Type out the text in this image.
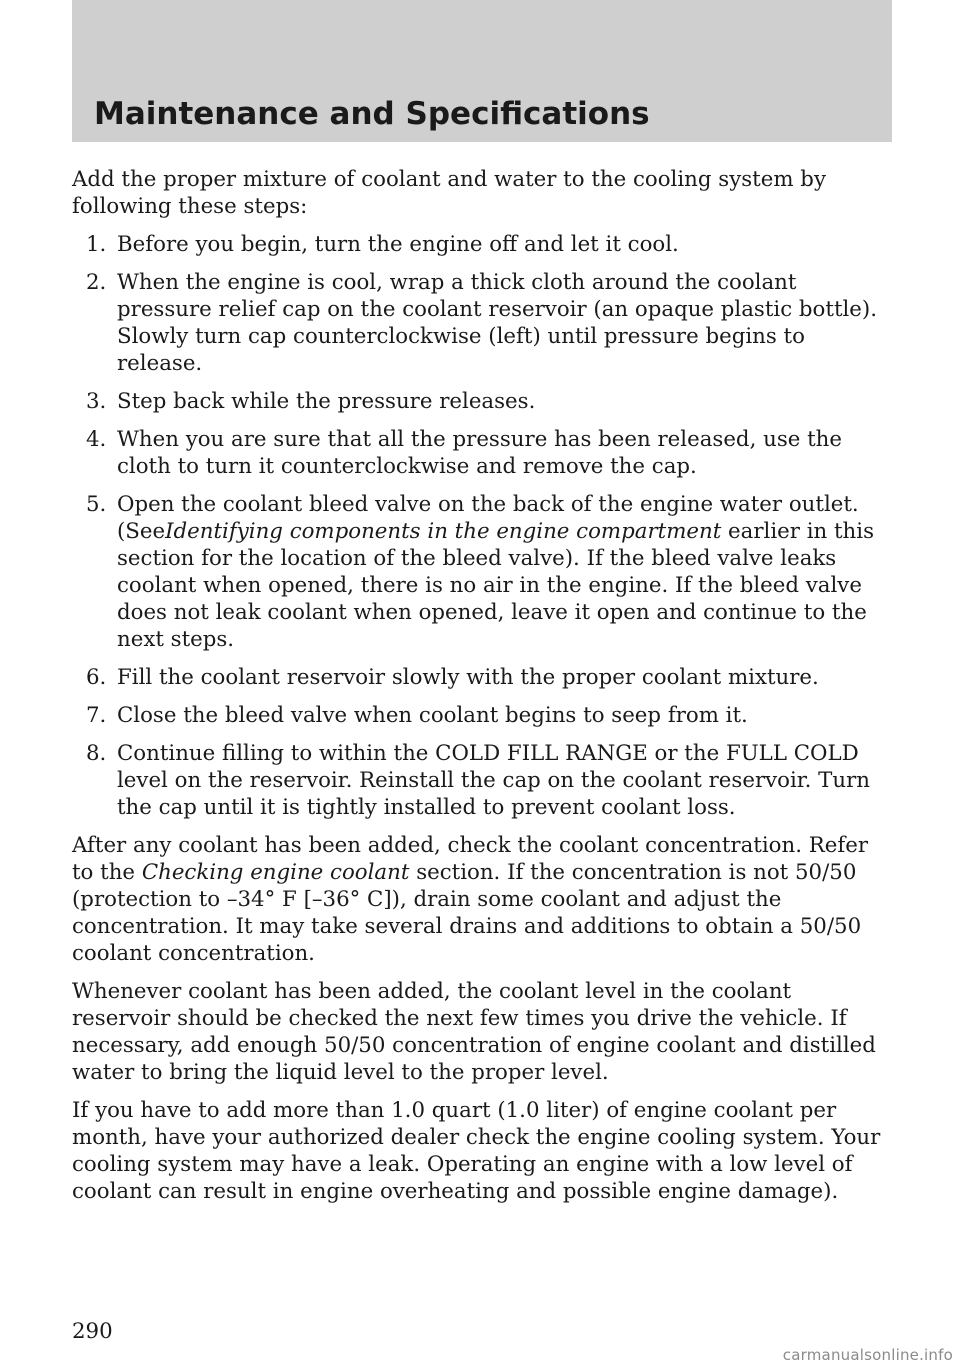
Maintenance and Specifications

Add the proper mixture of coolant and water to the cooling system by following these steps:

1. Before you begin, turn the engine off and let it cool.
2. When the engine is cool, wrap a thick cloth around the coolant pressure relief cap on the coolant reservoir (an opaque plastic bottle). Slowly turn cap counterclockwise (left) until pressure begins to release.
3. Step back while the pressure releases.
4. When you are sure that all the pressure has been released, use the cloth to turn it counterclockwise and remove the cap.
5. Open the coolant bleed valve on the back of the engine water outlet. (SeeIdentifying components in the engine compartment earlier in this section for the location of the bleed valve). If the bleed valve leaks coolant when opened, there is no air in the engine. If the bleed valve does not leak coolant when opened, leave it open and continue to the next steps.
6. Fill the coolant reservoir slowly with the proper coolant mixture.
7. Close the bleed valve when coolant begins to seep from it.
8. Continue filling to within the COLD FILL RANGE or the FULL COLD level on the reservoir. Reinstall the cap on the coolant reservoir. Turn the cap until it is tightly installed to prevent coolant loss.

After any coolant has been added, check the coolant concentration. Refer to the Checking engine coolant section. If the concentration is not 50/50 (protection to –34° F [–36° C]), drain some coolant and adjust the concentration. It may take several drains and additions to obtain a 50/50 coolant concentration.

Whenever coolant has been added, the coolant level in the coolant reservoir should be checked the next few times you drive the vehicle. If necessary, add enough 50/50 concentration of engine coolant and distilled water to bring the liquid level to the proper level.

If you have to add more than 1.0 quart (1.0 liter) of engine coolant per month, have your authorized dealer check the engine cooling system. Your cooling system may have a leak. Operating an engine with a low level of coolant can result in engine overheating and possible engine damage).

290
carmanualsonline.info
